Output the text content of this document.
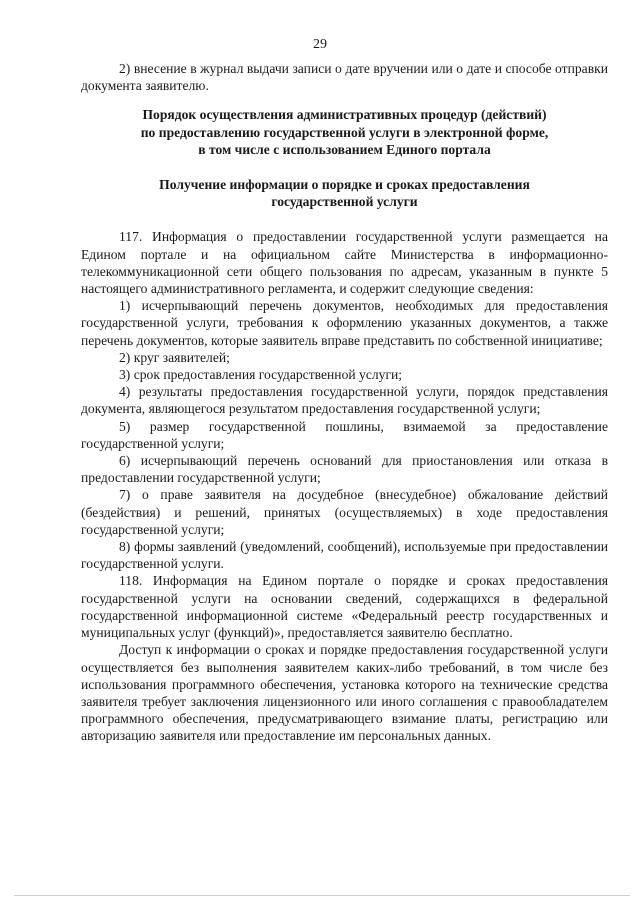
29

2) внесение в журнал выдачи записи о дате вручении или о дате и способе отправки документа заявителю.

Порядок осуществления административных процедур (действий)

по предоставлению государственной услуги в электронной форме,

в том числе с использованием Единого портала

Получение информации о порядке и сроках предоставления

государственной услуги

117. Информация о предоставлении государственной услуги размещается на Едином портале и на официальном сайте Министерства в информационно-телекоммуникационной сети общего пользования по адресам, указанным в пункте 5 настоящего административного регламента, и содержит следующие сведения:

1) исчерпывающий перечень документов, необходимых для предоставления государственной услуги, требования к оформлению указанных документов, а также перечень документов, которые заявитель вправе представить по собственной инициативе;

2) круг заявителей;

3) срок предоставления государственной услуги;

4) результаты предоставления государственной услуги, порядок представления документа, являющегося результатом предоставления государственной услуги;

5) размер государственной пошлины, взимаемой за предоставление государственной услуги;

6) исчерпывающий перечень оснований для приостановления или отказа в предоставлении государственной услуги;

7) о праве заявителя на досудебное (внесудебное) обжалование действий (бездействия) и решений, принятых (осуществляемых) в ходе предоставления государственной услуги;

8) формы заявлений (уведомлений, сообщений), используемые при предоставлении государственной услуги.

118. Информация на Едином портале о порядке и сроках предоставления государственной услуги на основании сведений, содержащихся в федеральной государственной информационной системе «Федеральный реестр государственных и муниципальных услуг (функций)», предоставляется заявителю бесплатно.

Доступ к информации о сроках и порядке предоставления государственной услуги осуществляется без выполнения заявителем каких-либо требований, в том числе без использования программного обеспечения, установка которого на технические средства заявителя требует заключения лицензионного или иного соглашения с правообладателем программного обеспечения, предусматривающего взимание платы, регистрацию или авторизацию заявителя или предоставление им персональных данных.
